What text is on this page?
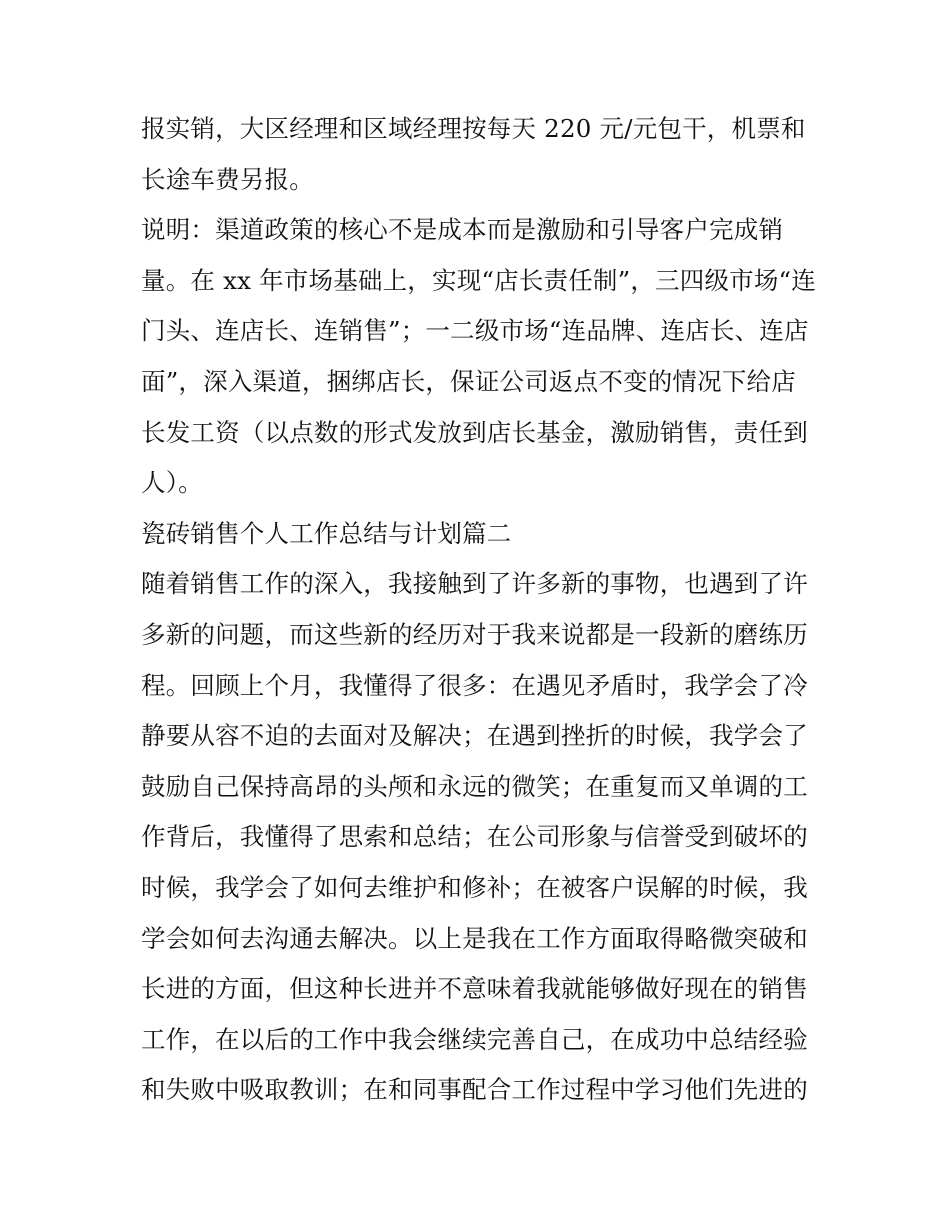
报实销，大区经理和区域经理按每天 220 元/元包干，机票和
长途车费另报。
说明：渠道政策的核心不是成本而是激励和引导客户完成销
量。在 xx 年市场基础上，实现“店长责任制”，三四级市场“连
门头、连店长、连销售”；一二级市场“连品牌、连店长、连店
面”，深入渠道，捆绑店长，保证公司返点不变的情况下给店
长发工资（以点数的形式发放到店长基金，激励销售，责任到
人）。
瓷砖销售个人工作总结与计划篇二
随着销售工作的深入，我接触到了许多新的事物，也遇到了许
多新的问题，而这些新的经历对于我来说都是一段新的磨练历
程。回顾上个月，我懂得了很多：在遇见矛盾时，我学会了冷
静要从容不迫的去面对及解决；在遇到挫折的时候，我学会了
鼓励自己保持高昂的头颅和永远的微笑；在重复而又单调的工
作背后，我懂得了思索和总结；在公司形象与信誉受到破坏的
时候，我学会了如何去维护和修补；在被客户误解的时候，我
学会如何去沟通去解决。以上是我在工作方面取得略微突破和
长进的方面，但这种长进并不意味着我就能够做好现在的销售
工作，在以后的工作中我会继续完善自己，在成功中总结经验
和失败中吸取教训；在和同事配合工作过程中学习他们先进的
